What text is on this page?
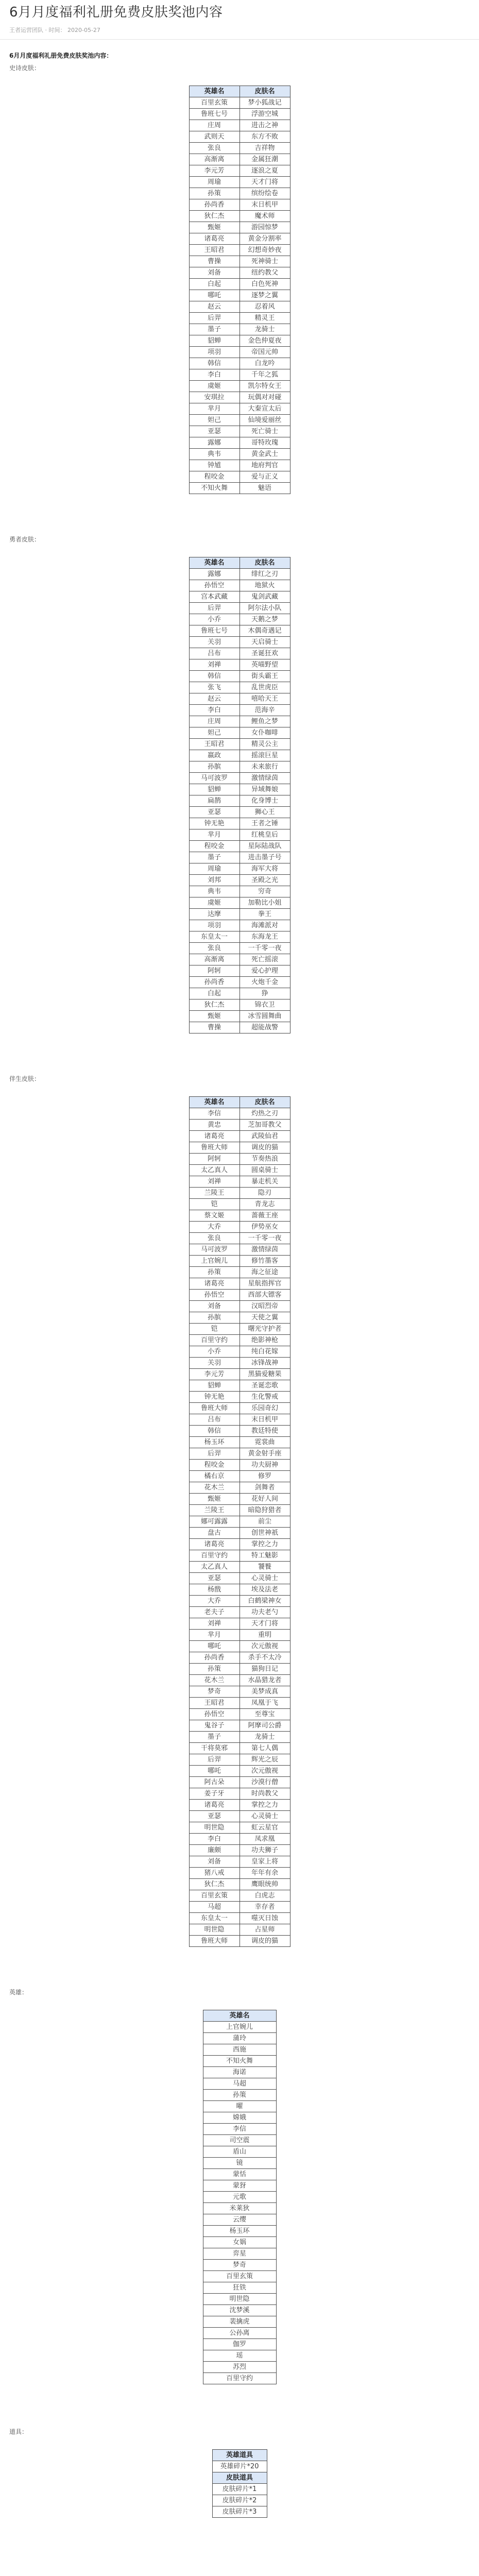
6月月度福利礼册免费皮肤奖池内容
王者运营团队 · 时间： 2020-05-27
6月月度福利礼册免费皮肤奖池内容：
史诗皮肤：
英雄名	皮肤名
百里玄策	梦小狐战记
鲁班七号	浮游空城
庄周	进击之神
武则天	东方不败
张良	吉祥物
高渐离	金属狂潮
李元芳	逐浪之夏
周瑜	天才门将
孙策	缤纷绘卷
孙尚香	末日机甲
狄仁杰	魔术师
甄姬	游园惊梦
诸葛亮	黄金分割率
王昭君	幻想奇妙夜
曹操	死神骑士
刘备	纽约教父
白起	白色死神
哪吒	逐梦之翼
赵云	忍着风
后羿	精灵王
墨子	龙骑士
貂蝉	金色仲夏夜
项羽	帝国元帅
韩信	白龙吟
李白	千年之狐
虞姬	凯尔特女王
安琪拉	玩偶对对碰
芈月	大秦宣太后
妲己	仙境爱丽丝
亚瑟	死亡骑士
露娜	哥特玫瑰
典韦	黄金武士
钟馗	地府判官
程咬金	爱与正义
不知火舞	魅语
勇者皮肤：
英雄名	皮肤名
露娜	绯红之刃
孙悟空	地狱火
宫本武藏	鬼剑武藏
后羿	阿尔法小队
小乔	天鹅之梦
鲁班七号	木偶奇遇记
关羽	天启骑士
吕布	圣诞狂欢
刘禅	英喵野望
韩信	街头霸王
张飞	乱世虎臣
赵云	嘻哈天王
李白	范海辛
庄周	鲤鱼之梦
妲己	女仆咖啡
王昭君	精灵公主
嬴政	摇滚巨星
孙膑	未来旅行
马可波罗	激情绿茵
貂蝉	异域舞娘
扁鹊	化身博士
亚瑟	狮心王
钟无艳	王者之锤
芈月	红桃皇后
程咬金	星际陆战队
墨子	进击墨子号
周瑜	海军大将
刘邦	圣殿之光
典韦	穷奇
虞姬	加勒比小姐
达摩	拳王
项羽	海滩派对
东皇太一	东海龙王
张良	一千零一夜
高渐离	死亡摇滚
阿轲	爱心护理
孙尚香	火炮千金
白起	狰
狄仁杰	锦衣卫
甄姬	冰雪圆舞曲
曹操	超能战警
伴生皮肤：
英雄名	皮肤名
李信	灼热之刃
黄忠	芝加哥教父
诸葛亮	武陵仙君
鲁班大师	调皮的猫
阿轲	节奏热浪
太乙真人	圆桌骑士
刘禅	暴走机关
兰陵王	隐刃
铠	青龙志
蔡文姬	蔷薇王座
大乔	伊势巫女
张良	一千零一夜
马可波罗	激情绿茵
上官婉儿	修竹墨客
孙策	海之征途
诸葛亮	星航指挥官
孙悟空	西部大镖客
刘备	汉昭烈帝
孙膑	天使之翼
铠	曙光守护者
百里守约	绝影神枪
小乔	纯白花嫁
关羽	冰锋战神
李元芳	黑猫爱糖果
貂蝉	圣诞恋歌
钟无艳	生化警戒
鲁班大师	乐园奇幻
吕布	末日机甲
韩信	教廷特使
杨玉环	霓裳曲
后羿	黄金射手座
程咬金	功夫厨神
橘右京	修罗
花木兰	剑舞者
甄姬	花好人间
兰陵王	暗隐狩猎者
娜可露露	前尘
盘古	创世神祇
诸葛亮	掌控之力
百里守约	特工魅影
太乙真人	饕餮
亚瑟	心灵骑士
杨戬	埃及法老
大乔	白鹤梁神女
老夫子	功夫老勺
刘禅	天才门将
芈月	重明
哪吒	次元傲视
孙尚香	杀手不太冷
孙策	猫狗日记
花木兰	水晶猎龙者
梦奇	美梦成真
王昭君	凤凰于飞
孙悟空	至尊宝
鬼谷子	阿摩司公爵
墨子	龙骑士
干将莫邪	第七人偶
后羿	辉光之辰
哪吒	次元傲视
阿古朵	沙漠行僧
姜子牙	时尚教父
诸葛亮	掌控之力
亚瑟	心灵骑士
明世隐	虹云星官
李白	凤求凰
廉颇	功夫狮子
刘备	皇家上将
猪八戒	年年有余
狄仁杰	鹰眼统帅
百里玄策	白虎志
马超	幸存者
东皇太一	噬灭日蚀
明世隐	占星师
鲁班大师	调皮的猫
英雄：
英雄名
上官婉儿
蒲玲
西施
不知火舞
海诺
马超
孙策
曜
嫦娥
李信
司空震
盾山
镜
蒙恬
蒙犽
元歌
米莱狄
云缨
杨玉环
女娲
弈星
梦奇
百里玄策
狂铁
明世隐
沈梦溪
裴擒虎
公孙离
伽罗
瑶
苏烈
百里守约
道具：
英雄道具
英雄碎片*20
皮肤道具
皮肤碎片*1
皮肤碎片*2
皮肤碎片*3
